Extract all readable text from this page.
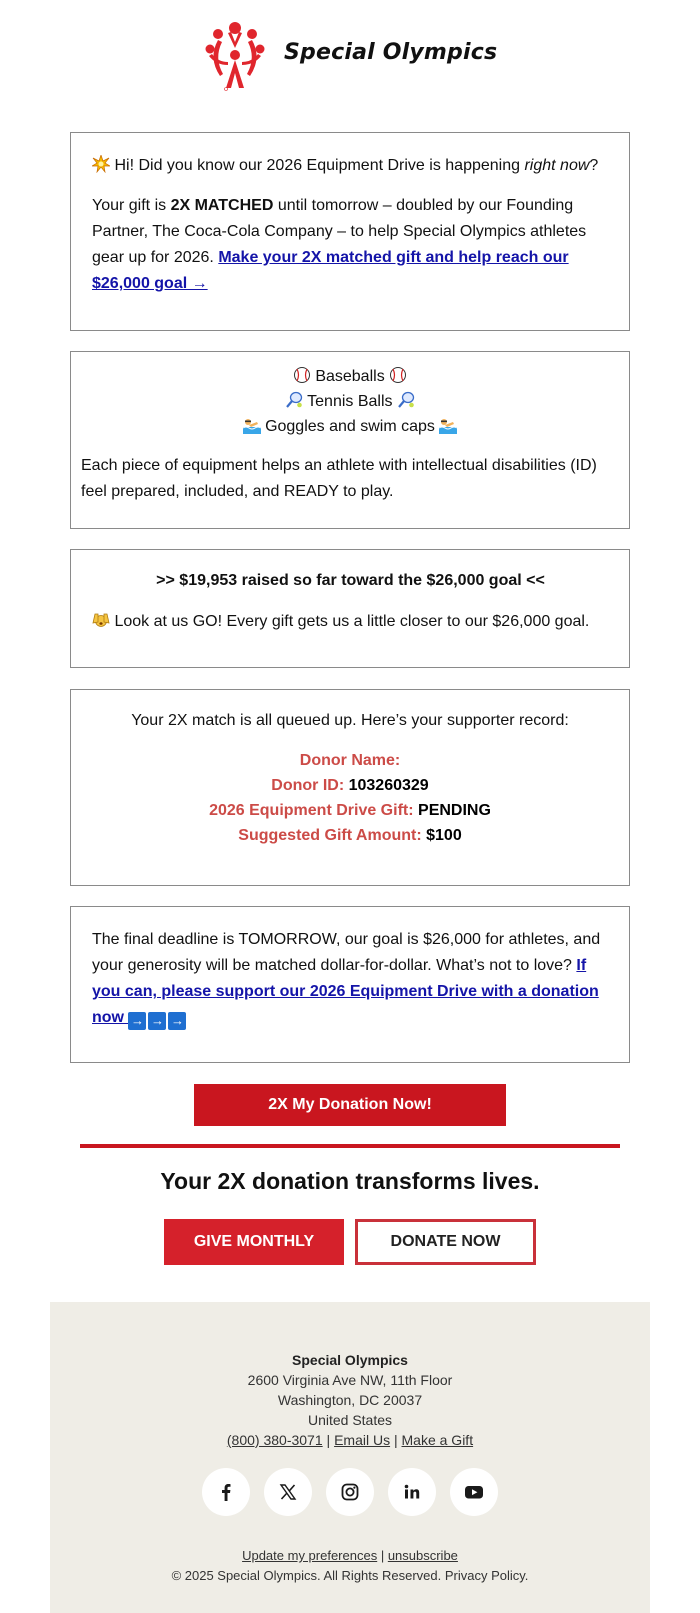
Special Olympics

Hi! Did you know our 2026 Equipment Drive is happening right now?

Your gift is 2X MATCHED until tomorrow – doubled by our Founding Partner, The Coca-Cola Company – to help Special Olympics athletes gear up for 2026. Make your 2X matched gift and help reach our $26,000 goal →

Baseballs
Tennis Balls
Goggles and swim caps

Each piece of equipment helps an athlete with intellectual disabilities (ID) feel prepared, included, and READY to play.

>> $19,953 raised so far toward the $26,000 goal <<

Look at us GO! Every gift gets us a little closer to our $26,000 goal.

Your 2X match is all queued up. Here’s your supporter record:

Donor Name:
Donor ID: 103260329
2026 Equipment Drive Gift: PENDING
Suggested Gift Amount: $100

The final deadline is TOMORROW, our goal is $26,000 for athletes, and your generosity will be matched dollar-for-dollar. What’s not to love? If you can, please support our 2026 Equipment Drive with a donation now → → →

2X My Donation Now!
Your 2X donation transforms lives.
GIVE MONTHLY	DONATE NOW
Special Olympics
2600 Virginia Ave NW, 11th Floor
Washington, DC 20037
United States
(800) 380-3071 | Email Us | Make a Gift

Update my preferences | unsubscribe
© 2025 Special Olympics. All Rights Reserved. Privacy Policy.
